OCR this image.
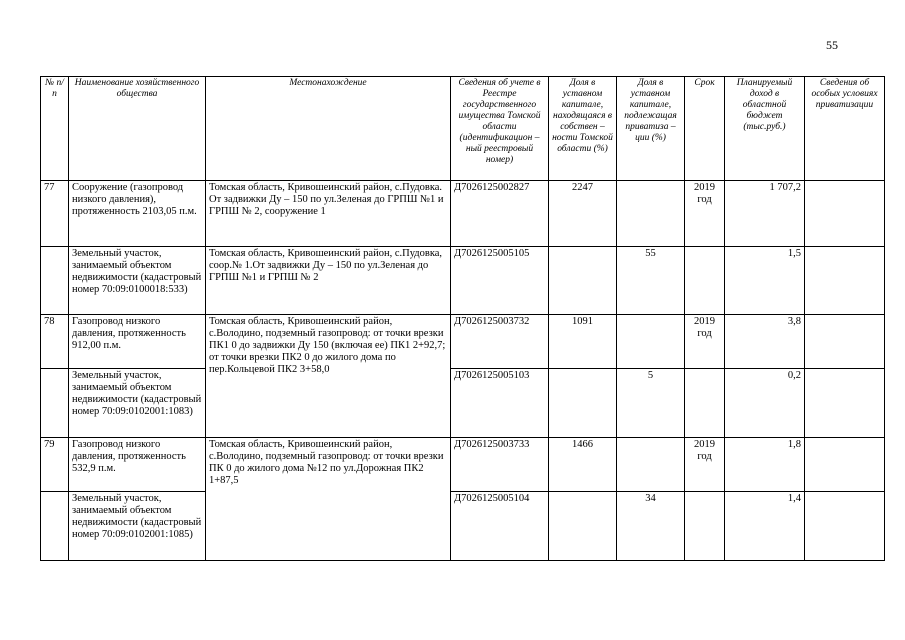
55
№ п/п	Наименование хозяйственного общества	Местонахождение	Сведения об учете в Реестре государственного имущества Томской области (идентификацион – ный реестровый номер)	Доля в уставном капитале, находящаяся в собствен – ности Томской области (%)	Доля в уставном капитале, подлежащая приватиза – ции (%)	Срок	Планируемый доход в областной бюджет (тыс.руб.)	Сведения об особых условиях приватизации
77	Сооружение (газопровод низкого давления), протяженность 2103,05 п.м.	Томская область, Кривошеинский район, с.Пудовка. От задвижки Ду – 150 по ул.Зеленая до ГРПШ №1 и ГРПШ № 2, сооружение 1	Д7026125002827	2247		2019 год	1 707,2	
	Земельный участок, занимаемый объектом недвижимости (кадастровый номер 70:09:0100018:533)	Томская область, Кривошеинский район, с.Пудовка, соор.№ 1.От задвижки Ду – 150 по ул.Зеленая до ГРПШ №1 и ГРПШ № 2	Д7026125005105		55		1,5	
78	Газопровод низкого давления, протяженность 912,00 п.м.	Томская область, Кривошеинский район, с.Володино, подземный газопровод: от точки врезки ПК1 0 до задвижки Ду 150 (включая ее) ПК1 2+92,7; от точки врезки ПК2 0 до жилого дома по пер.Кольцевой ПК2 3+58,0	Д7026125003732	1091		2019 год	3,8	
	Земельный участок, занимаемый объектом недвижимости (кадастровый номер 70:09:0102001:1083)		Д7026125005103		5		0,2	
79	Газопровод низкого давления, протяженность 532,9 п.м.	Томская область, Кривошеинский район, с.Володино, подземный газопровод: от точки врезки ПК 0 до жилого дома №12 по ул.Дорожная ПК2 1+87,5	Д7026125003733	1466		2019 год	1,8	
	Земельный участок, занимаемый объектом недвижимости (кадастровый номер 70:09:0102001:1085)		Д7026125005104		34		1,4	
